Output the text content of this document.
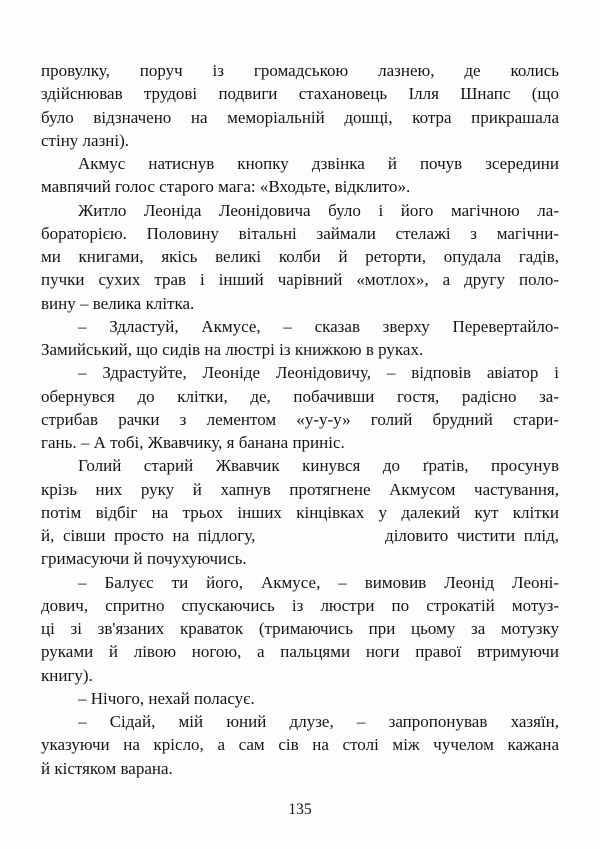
провулку, поруч із громадською лазнею, де колись
здійснював трудові подвиги стахановець Ілля Шнапс (що
було відзначено на меморіальній дошці, котра прикрашала
стіну лазні).
Акмус натиснув кнопку дзвінка й почув зсередини
мавпячий голос старого мага: «Входьте, відклито».
Житло Леоніда Леонідовича було і його магічною ла-
бораторією. Половину вітальні займали стелажі з магічни-
ми книгами, якісь великі колби й реторти, опудала гадів,
пучки сухих трав і інший чарівний «мотлох», а другу поло-
вину – велика клітка.
– Здластуй, Акмусе, – сказав зверху Перевертайло-
Замийський, що сидів на люстрі із книжкою в руках.
– Здрастуйте, Леоніде Леонідовичу, – відповів авіатор і
обернувся до клітки, де, побачивши гостя, радісно за-
стрибав рачки з лементом «у-у-у» голий брудний стари-
гань. – А тобі, Жвавчику, я банана приніс.
Голий старий Жвавчик кинувся до ґратів, просунув
крізь них руку й хапнув протягнене Акмусом частування,
потім відбіг на трьох інших кінцівках у далекий кут клітки
й, сівши просто на підлогу,               діловито чистити плід,
гримасуючи й почухуючись.
– Балуєс ти його, Акмусе, – вимовив Леонід Леоні-
дович, спритно спускаючись із люстри по строкатій мотуз-
ці зі зв'язаних краваток (тримаючись при цьому за мотузку
руками й лівою ногою, а пальцями ноги правої втримуючи
книгу).
– Нічого, нехай поласує.
– Сідай, мій юний длузе, – запропонував хазяїн,
указуючи на крісло, а сам сів на столі між чучелом кажана
й кістяком варана.
135
